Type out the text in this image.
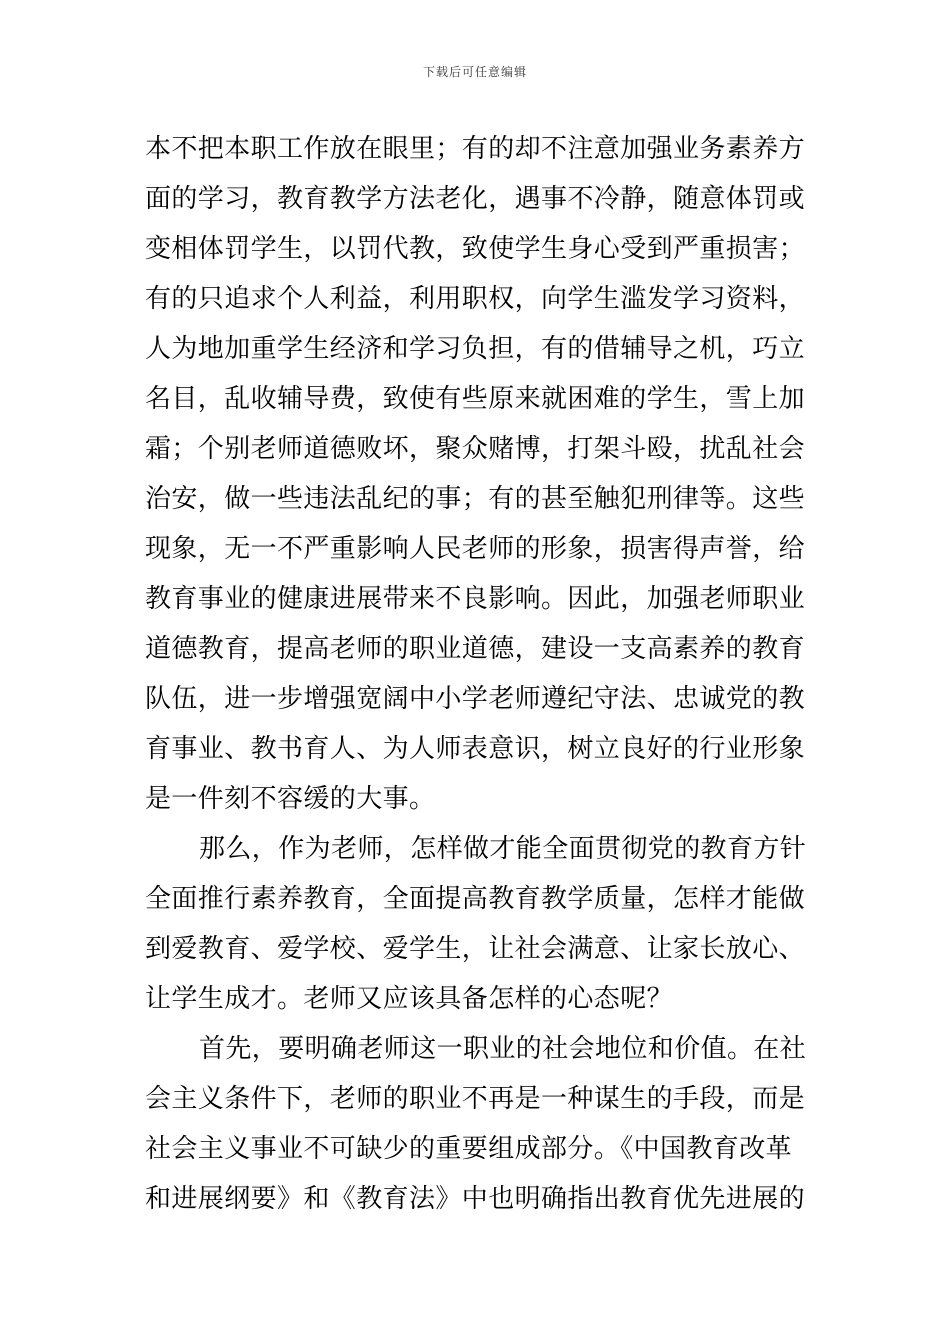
下载后可任意编辑
本不把本职工作放在眼里；有的却不注意加强业务素养方
面的学习，教育教学方法老化，遇事不冷静，随意体罚或
变相体罚学生，以罚代教，致使学生身心受到严重损害；
有的只追求个人利益，利用职权，向学生滥发学习资料，
人为地加重学生经济和学习负担，有的借辅导之机，巧立
名目，乱收辅导费，致使有些原来就困难的学生，雪上加
霜；个别老师道德败坏，聚众赌博，打架斗殴，扰乱社会
治安，做一些违法乱纪的事；有的甚至触犯刑律等。这些
现象，无一不严重影响人民老师的形象，损害得声誉，给
教育事业的健康进展带来不良影响。因此，加强老师职业
道德教育，提高老师的职业道德，建设一支高素养的教育
队伍，进一步增强宽阔中小学老师遵纪守法、忠诚党的教
育事业、教书育人、为人师表意识，树立良好的行业形象
是一件刻不容缓的大事。
那么，作为老师，怎样做才能全面贯彻党的教育方针
全面推行素养教育，全面提高教育教学质量，怎样才能做
到爱教育、爱学校、爱学生，让社会满意、让家长放心、
让学生成才。老师又应该具备怎样的心态呢？
首先，要明确老师这一职业的社会地位和价值。在社
会主义条件下，老师的职业不再是一种谋生的手段，而是
社会主义事业不可缺少的重要组成部分。《中国教育改革
和进展纲要》和《教育法》中也明确指出教育优先进展的
